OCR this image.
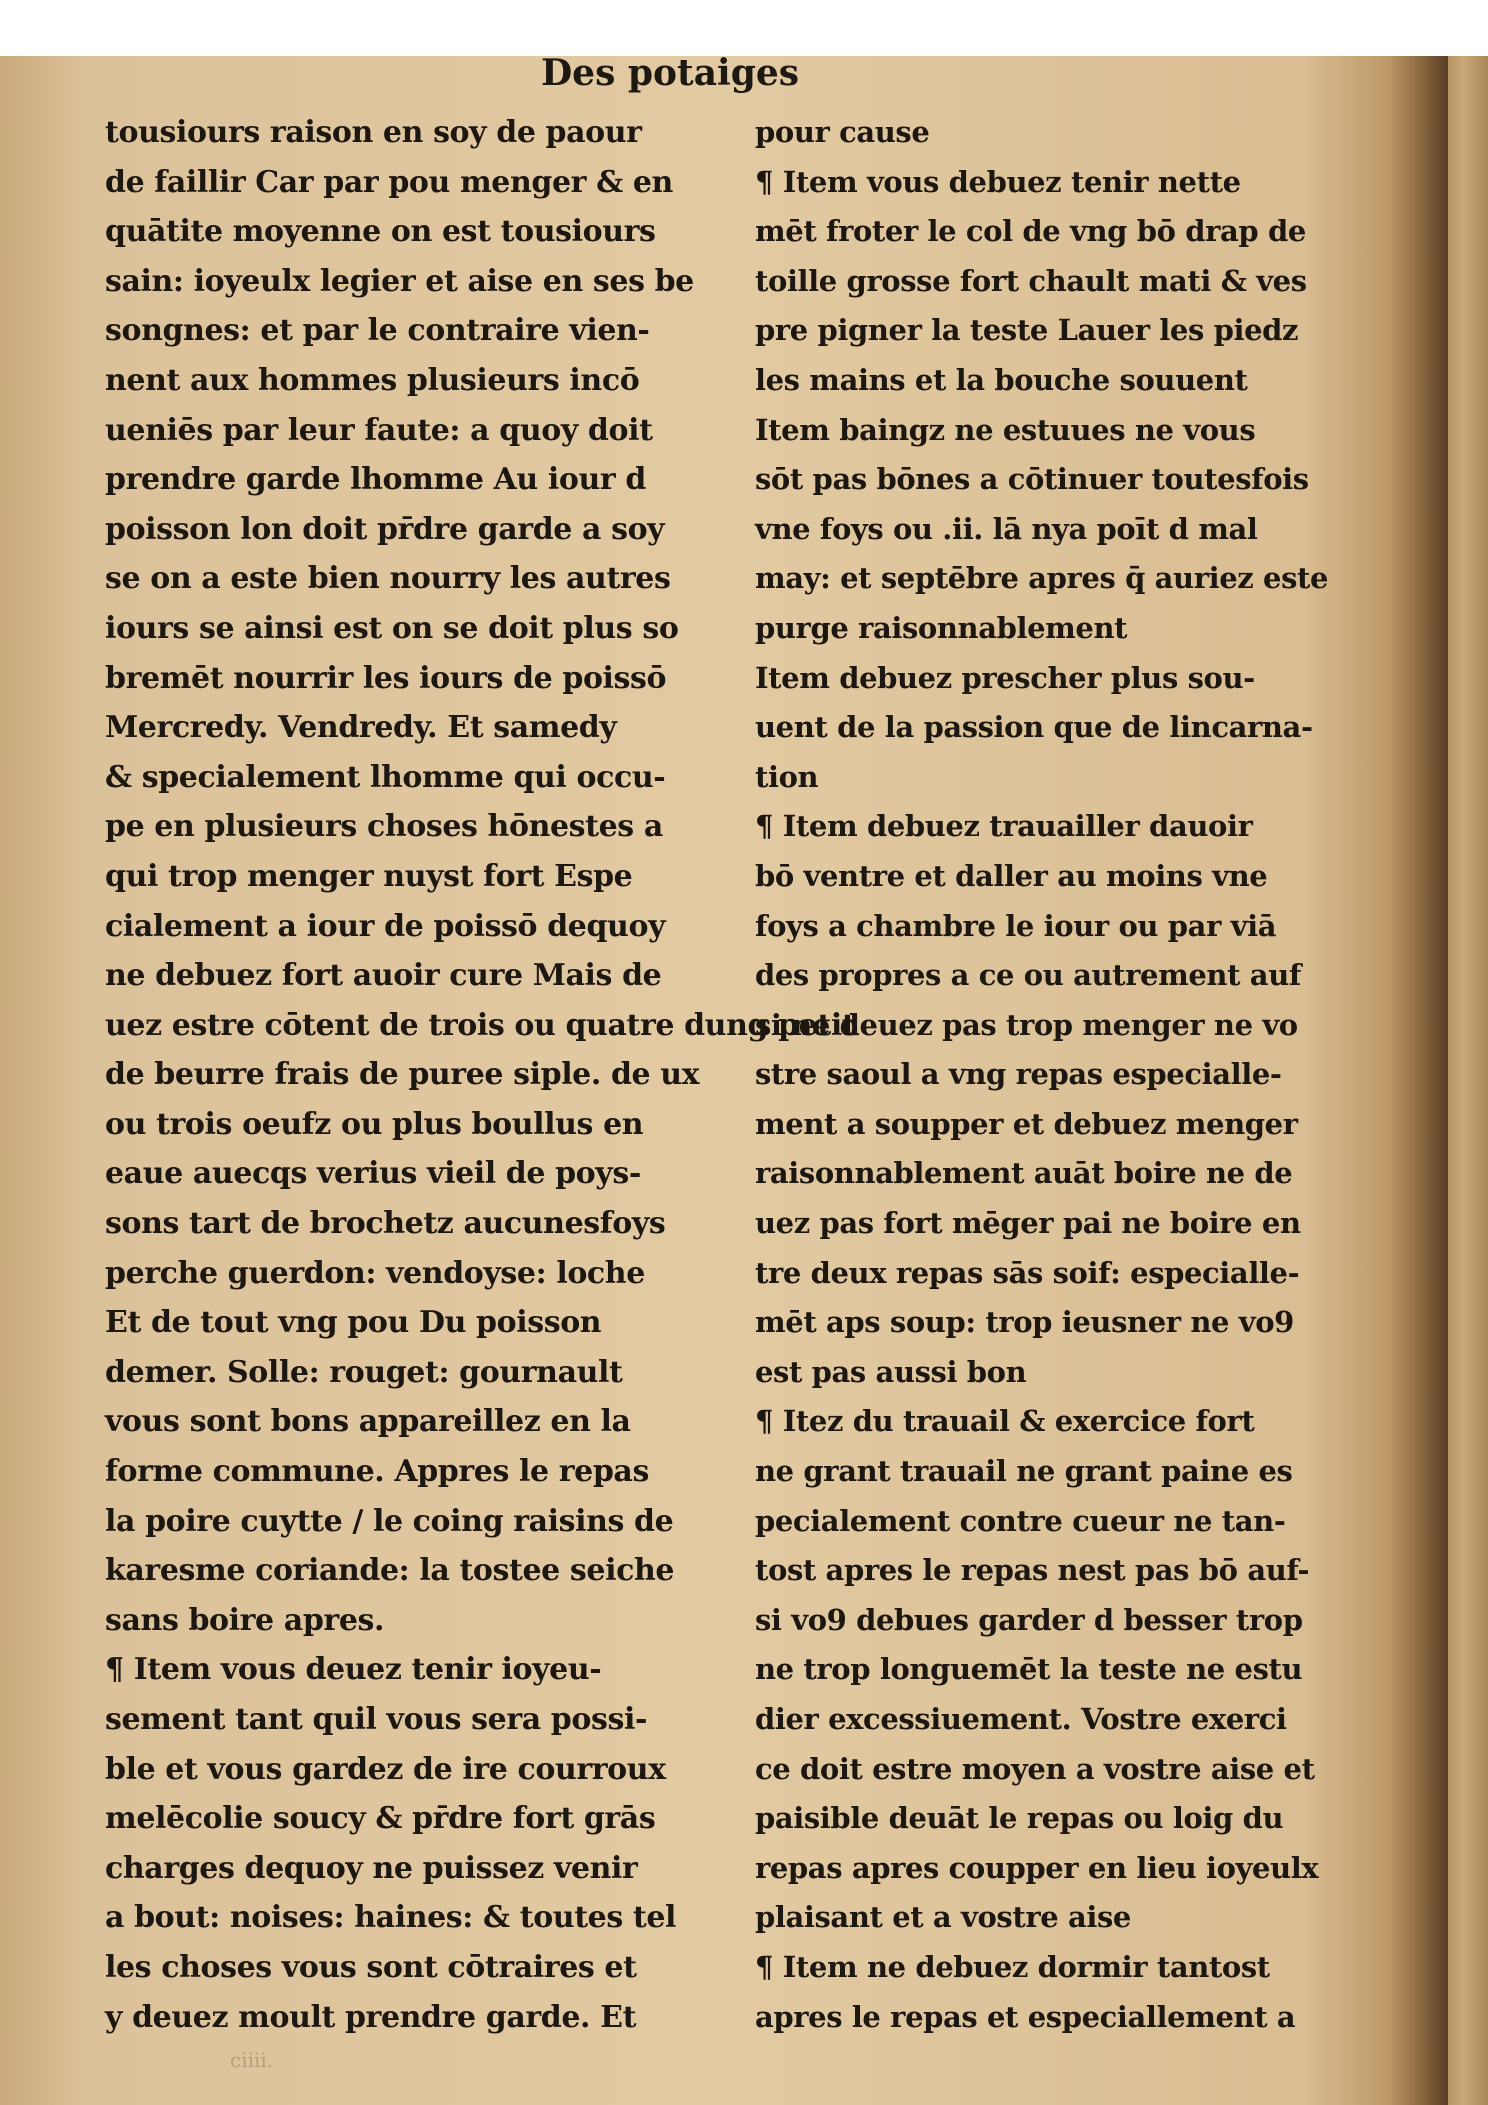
Des potaiges
tousiours raison en soy de paour
de faillir Car par pou menger & en
quātite moyenne on est tousiours
sain: ioyeulx legier et aise en ses be
songnes: et par le contraire vien-
nent aux hommes plusieurs incō
ueniēs par leur faute: a quoy doit
prendre garde lhomme Au iour d
poisson lon doit pr̄dre garde a soy
se on a este bien nourry les autres
iours se ainsi est on se doit plus so
bremēt nourrir les iours de poissō
Mercredy. Vendredy. Et samedy
& specialement lhomme qui occu-
pe en plusieurs choses hōnestes a
qui trop menger nuyst fort Espe
cialement a iour de poissō dequoy
ne debuez fort auoir cure Mais de
uez estre cōtent de trois ou quatre dung petit
de beurre frais de puree siple. de ux
ou trois oeufz ou plus boullus en
eaue auecqs verius vieil de poys-
sons tart de brochetz aucunesfoys
perche guerdon: vendoyse: loche
Et de tout vng pou Du poisson
demer. Solle: rouget: gournault
vous sont bons appareillez en la
forme commune. Appres le repas
la poire cuytte / le coing raisins de
karesme coriande: la tostee seiche
sans boire apres.
¶ Item vous deuez tenir ioyeu-
sement tant quil vous sera possi-
ble et vous gardez de ire courroux
melēcolie soucy & pr̄dre fort grās
charges dequoy ne puissez venir
a bout: noises: haines: & toutes tel
les choses vous sont cōtraires et
y deuez moult prendre garde. Et
pour cause
¶ Item vous debuez tenir nette
mēt froter le col de vng bō drap de
toille grosse fort chault mati & ves
pre pigner la teste Lauer les piedz
les mains et la bouche souuent
Item baingz ne estuues ne vous
sōt pas bōnes a cōtinuer toutesfois
vne foys ou .ii. lā nya poīt d mal
may: et septēbre apres q̄ auriez este
purge raisonnablement
Item debuez prescher plus sou-
uent de la passion que de lincarna-
tion
¶ Item debuez trauailler dauoir
bō ventre et daller au moins vne
foys a chambre le iour ou par viā
des propres a ce ou autrement auf
si ne deuez pas trop menger ne vo
stre saoul a vng repas especialle-
ment a soupper et debuez menger
raisonnablement auāt boire ne de
uez pas fort mēger pai ne boire en
tre deux repas sās soif: especialle-
mēt aps soup: trop ieusner ne vo9
est pas aussi bon
¶ Itez du trauail & exercice fort
ne grant trauail ne grant paine es
pecialement contre cueur ne tan-
tost apres le repas nest pas bō auf-
si vo9 debues garder d besser trop
ne trop longuemēt la teste ne estu
dier excessiuement. Vostre exerci
ce doit estre moyen a vostre aise et
paisible deuāt le repas ou loig du
repas apres coupper en lieu ioyeulx
plaisant et a vostre aise
¶ Item ne debuez dormir tantost
apres le repas et especiallement a
ciiii.
